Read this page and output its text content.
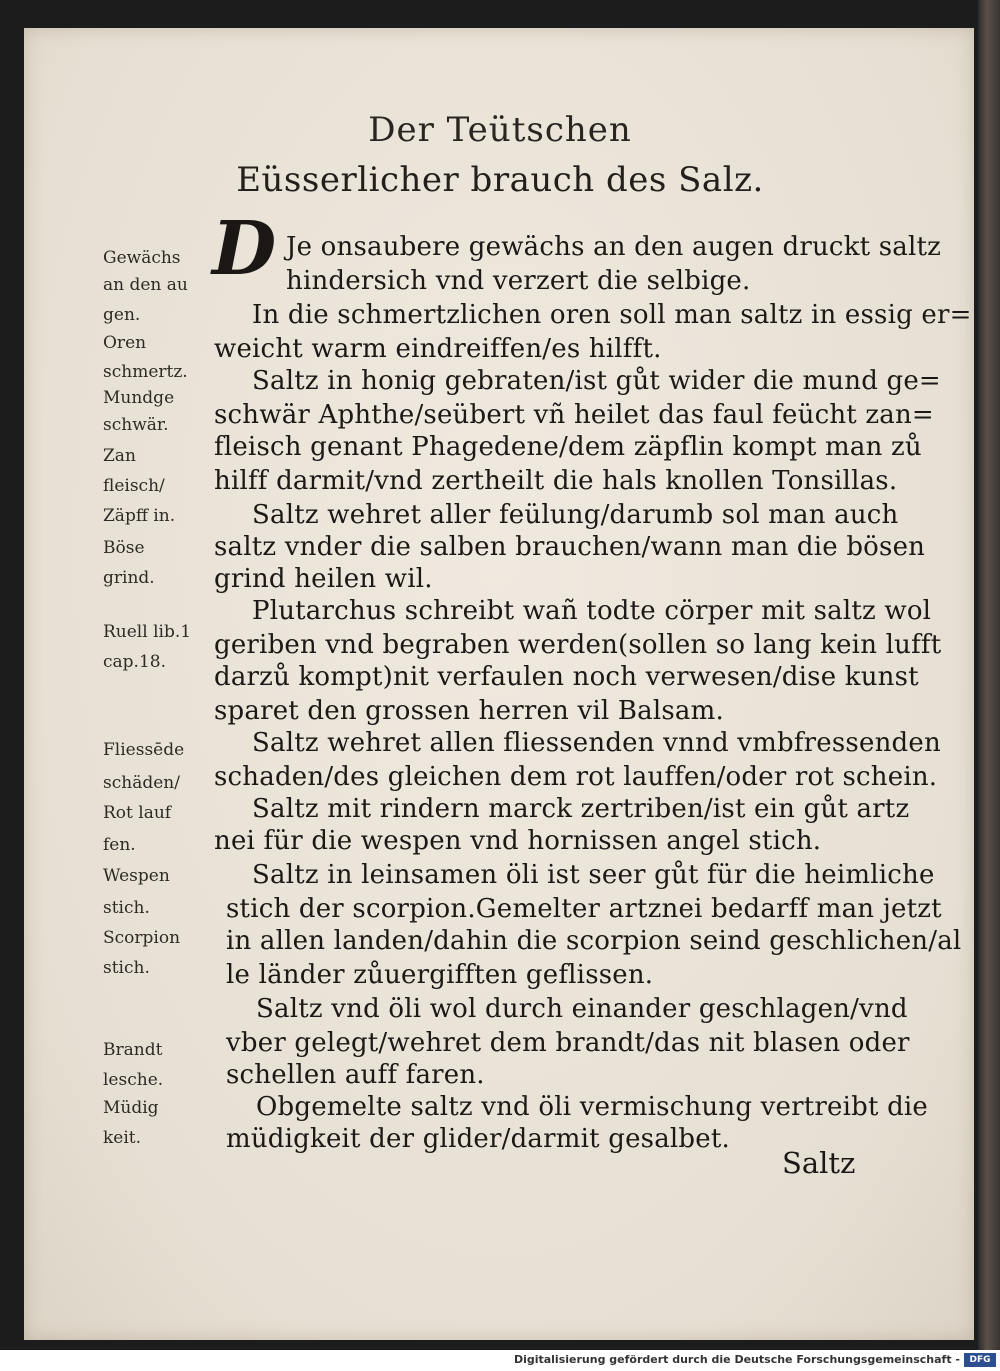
Der Teütschen
Eüsserlicher brauch des Salz.
Gewächs
an den au
gen.
Oren
schmertz.
Mundge
schwär.
Zan
fleisch/
Zäpff in.
Böse
grind.
Ruell lib.1
cap.18.
Fliessēde
schäden/
Rot lauf
fen.
Wespen
stich.
Scorpion
stich.
Brandt
lesche.
Müdig
keit.
D Je onsaubere gewächs an den augen druckt saltz
hindersich vnd verzert die selbige.
In die schmertzlichen oren soll man saltz in essig er=
weicht warm eindreiffen/es hilfft.
Saltz in honig gebraten/ist gůt wider die mund ge=
schwär Aphthe/seübert vñ heilet das faul feücht zan=
fleisch genant Phagedene/dem zäpflin kompt man zů
hilff darmit/vnd zertheilt die hals knollen Tonsillas.
Saltz wehret aller feülung/darumb sol man auch
saltz vnder die salben brauchen/wann man die bösen
grind heilen wil.
Plutarchus schreibt wañ todte cörper mit saltz wol
geriben vnd begraben werden(sollen so lang kein lufft
darzů kompt)nit verfaulen noch verwesen/dise kunst
sparet den grossen herren vil Balsam.
Saltz wehret allen fliessenden vnnd vmbfressenden
schaden/des gleichen dem rot lauffen/oder rot schein.
Saltz mit rindern marck zertriben/ist ein gůt artz
nei für die wespen vnd hornissen angel stich.
Saltz in leinsamen öli ist seer gůt für die heimliche
stich der scorpion.Gemelter artznei bedarff man jetzt
in allen landen/dahin die scorpion seind geschlichen/al
le länder zůuergifften geflissen.
Saltz vnd öli wol durch einander geschlagen/vnd
vber gelegt/wehret dem brandt/das nit blasen oder
schellen auff faren.
Obgemelte saltz vnd öli vermischung vertreibt die
müdigkeit der glider/darmit gesalbet.
Saltz
Digitalisierung gefördert durch die Deutsche Forschungsgemeinschaft -	DFG
